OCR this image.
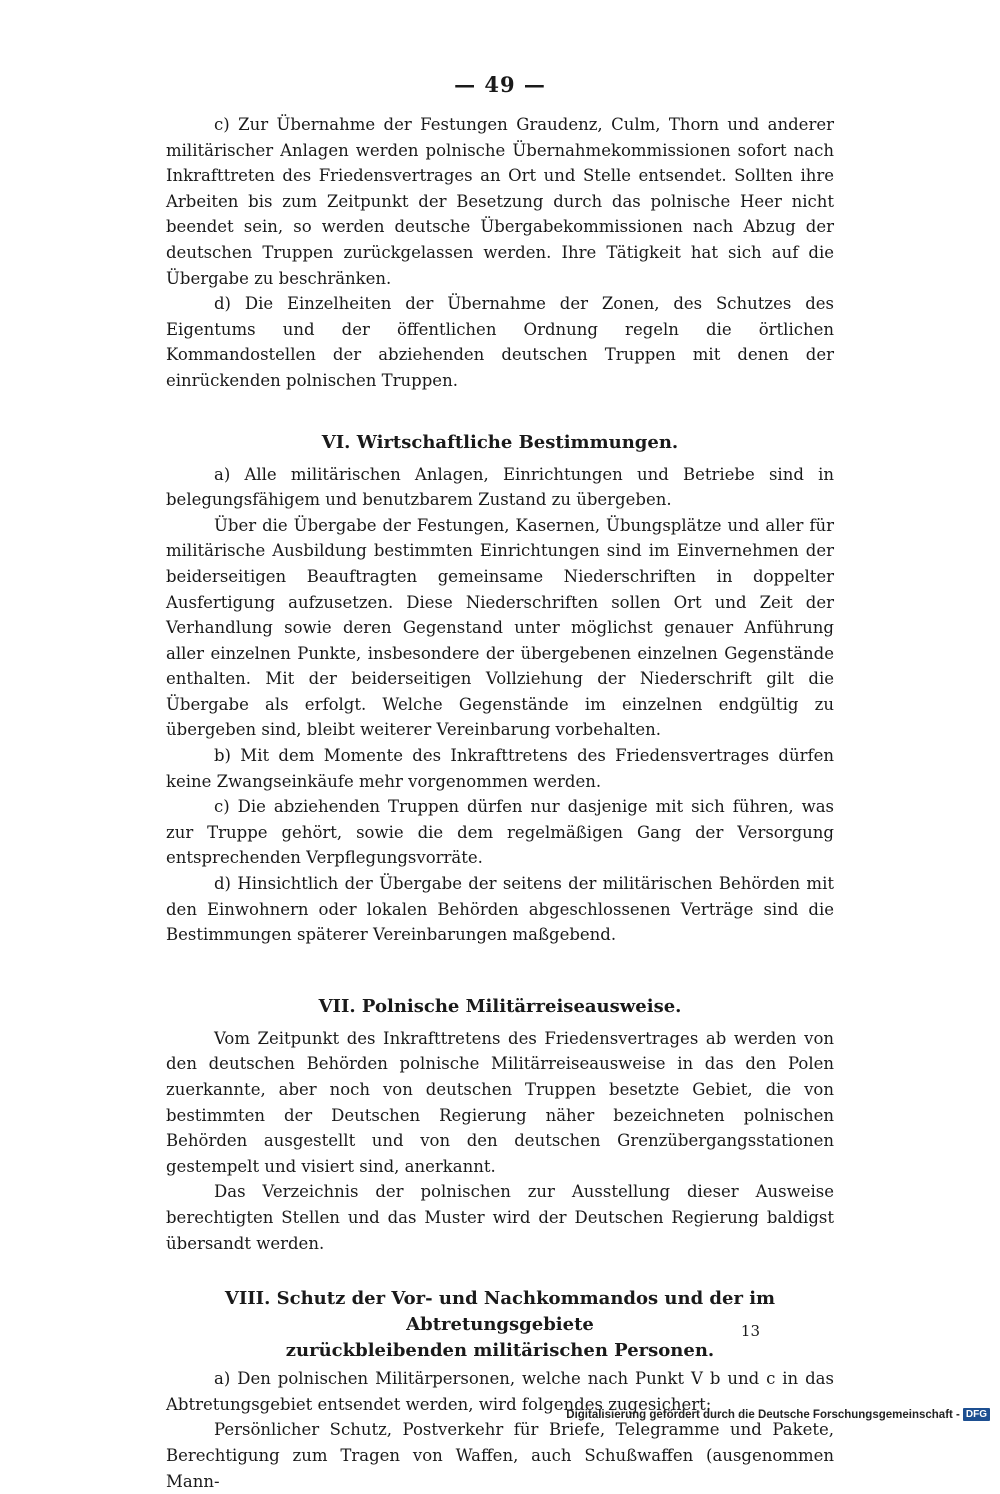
— 49 —

c) Zur Übernahme der Festungen Graudenz, Culm, Thorn und anderer militärischer Anlagen werden polnische Übernahmekommissionen sofort nach Inkrafttreten des Friedensvertrages an Ort und Stelle entsendet. Sollten ihre Arbeiten bis zum Zeitpunkt der Besetzung durch das polnische Heer nicht beendet sein, so werden deutsche Übergabekommissionen nach Abzug der deutschen Truppen zurückgelassen werden. Ihre Tätigkeit hat sich auf die Übergabe zu beschränken.

d) Die Einzelheiten der Übernahme der Zonen, des Schutzes des Eigentums und der öffentlichen Ordnung regeln die örtlichen Kommandostellen der abziehenden deutschen Truppen mit denen der einrückenden polnischen Truppen.

VI. Wirtschaftliche Bestimmungen.

a) Alle militärischen Anlagen, Einrichtungen und Betriebe sind in belegungsfähigem und benutzbarem Zustand zu übergeben.

Über die Übergabe der Festungen, Kasernen, Übungsplätze und aller für militärische Ausbildung bestimmten Einrichtungen sind im Einvernehmen der beiderseitigen Beauftragten gemeinsame Niederschriften in doppelter Ausfertigung aufzusetzen. Diese Niederschriften sollen Ort und Zeit der Verhandlung sowie deren Gegenstand unter möglichst genauer Anführung aller einzelnen Punkte, insbesondere der übergebenen einzelnen Gegenstände enthalten. Mit der beiderseitigen Vollziehung der Niederschrift gilt die Übergabe als erfolgt. Welche Gegenstände im einzelnen endgültig zu übergeben sind, bleibt weiterer Vereinbarung vorbehalten.

b) Mit dem Momente des Inkrafttretens des Friedensvertrages dürfen keine Zwangseinkäufe mehr vorgenommen werden.

c) Die abziehenden Truppen dürfen nur dasjenige mit sich führen, was zur Truppe gehört, sowie die dem regelmäßigen Gang der Versorgung entsprechenden Verpflegungsvorräte.

d) Hinsichtlich der Übergabe der seitens der militärischen Behörden mit den Einwohnern oder lokalen Behörden abgeschlossenen Verträge sind die Bestimmungen späterer Vereinbarungen maßgebend.

VII. Polnische Militärreiseausweise.

Vom Zeitpunkt des Inkrafttretens des Friedensvertrages ab werden von den deutschen Behörden polnische Militärreiseausweise in das den Polen zuerkannte, aber noch von deutschen Truppen besetzte Gebiet, die von bestimmten der Deutschen Regierung näher bezeichneten polnischen Behörden ausgestellt und von den deutschen Grenzübergangsstationen gestempelt und visiert sind, anerkannt.

Das Verzeichnis der polnischen zur Ausstellung dieser Ausweise berechtigten Stellen und das Muster wird der Deutschen Regierung baldigst übersandt werden.

VIII. Schutz der Vor- und Nachkommandos und der im Abtretungsgebiete
zurückbleibenden militärischen Personen.

a) Den polnischen Militärpersonen, welche nach Punkt V b und c in das Abtretungsgebiet entsendet werden, wird folgendes zugesichert:

Persönlicher Schutz, Postverkehr für Briefe, Telegramme und Pakete, Berechtigung zum Tragen von Waffen, auch Schußwaffen (ausgenommen Mann-

13
Digitalisierung gefördert durch die Deutsche Forschungsgemeinschaft - DFG
